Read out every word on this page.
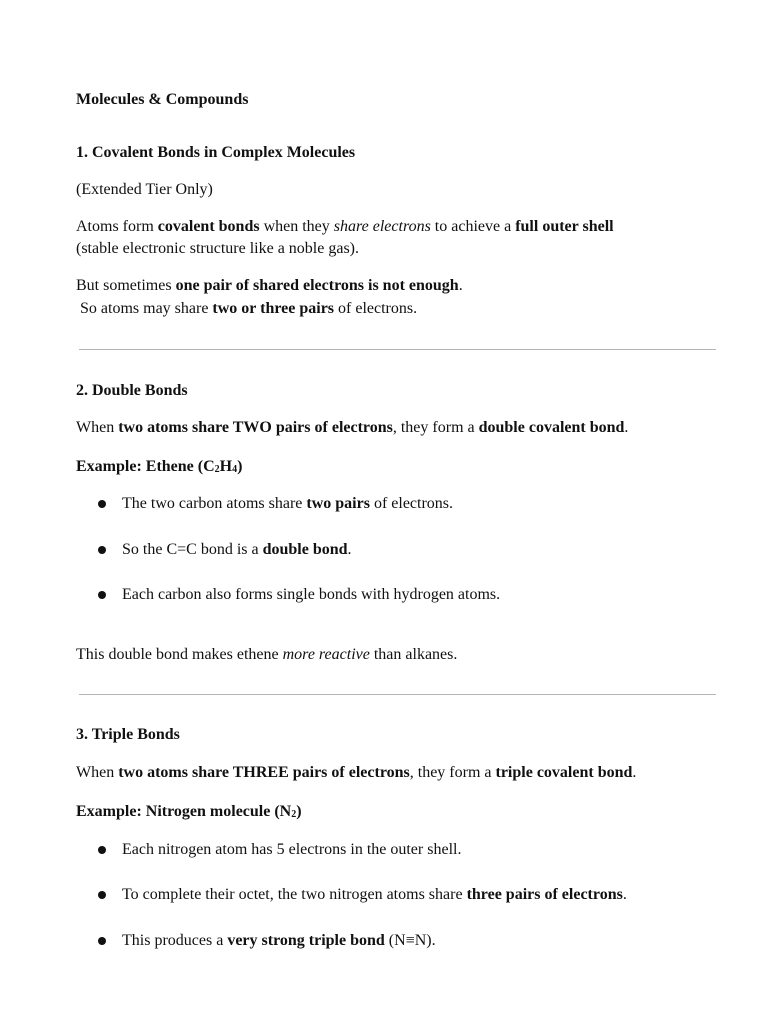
Molecules & Compounds
1. Covalent Bonds in Complex Molecules
(Extended Tier Only)
Atoms form covalent bonds when they share electrons to achieve a full outer shell
(stable electronic structure like a noble gas).
But sometimes one pair of shared electrons is not enough.
So atoms may share two or three pairs of electrons.
2. Double Bonds
When two atoms share TWO pairs of electrons, they form a double covalent bond.
Example: Ethene $(C_2H_4)$
The two carbon atoms share two pairs of electrons.
So the C=C bond is a double bond.
Each carbon also forms single bonds with hydrogen atoms.
This double bond makes ethene more reactive than alkanes.
3. Triple Bonds
When two atoms share THREE pairs of electrons, they form a triple covalent bond.
Example: Nitrogen molecule $(N_2)$
Each nitrogen atom has 5 electrons in the outer shell.
To complete their octet, the two nitrogen atoms share three pairs of electrons.
This produces a very strong triple bond (N≡N).
